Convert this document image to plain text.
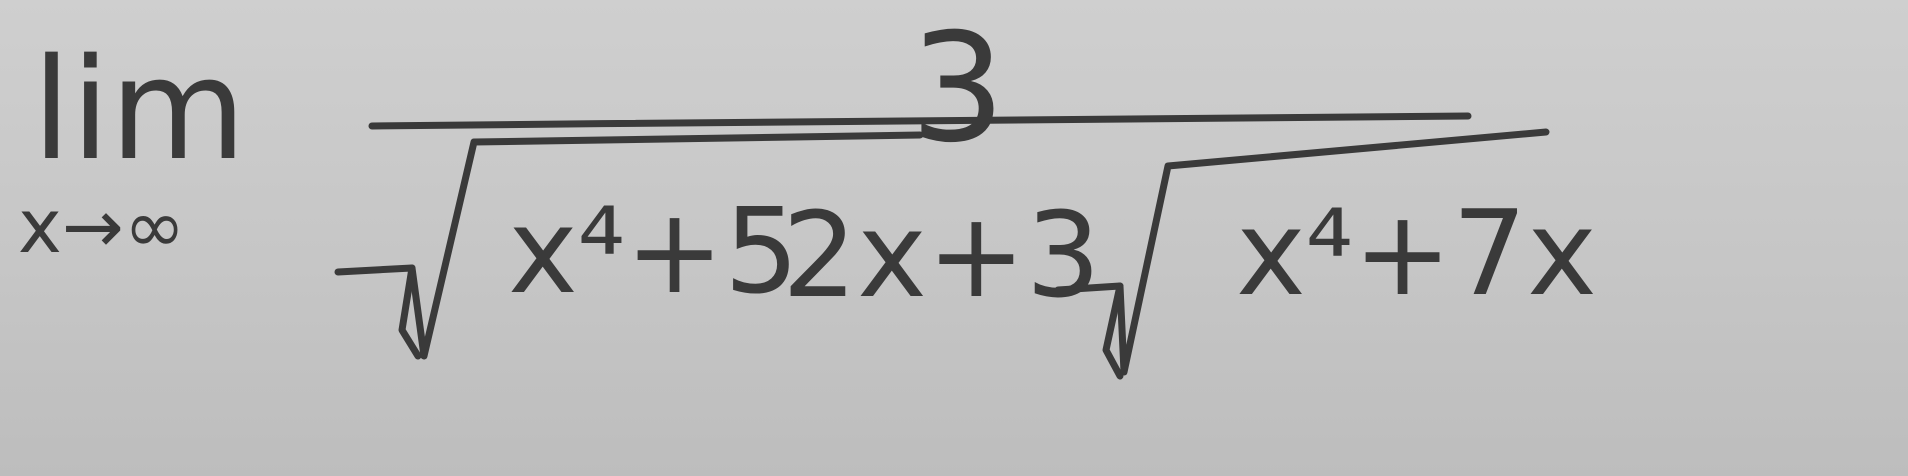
lim
x→∞
3
x⁴+5
2x+3 x⁴+7x
